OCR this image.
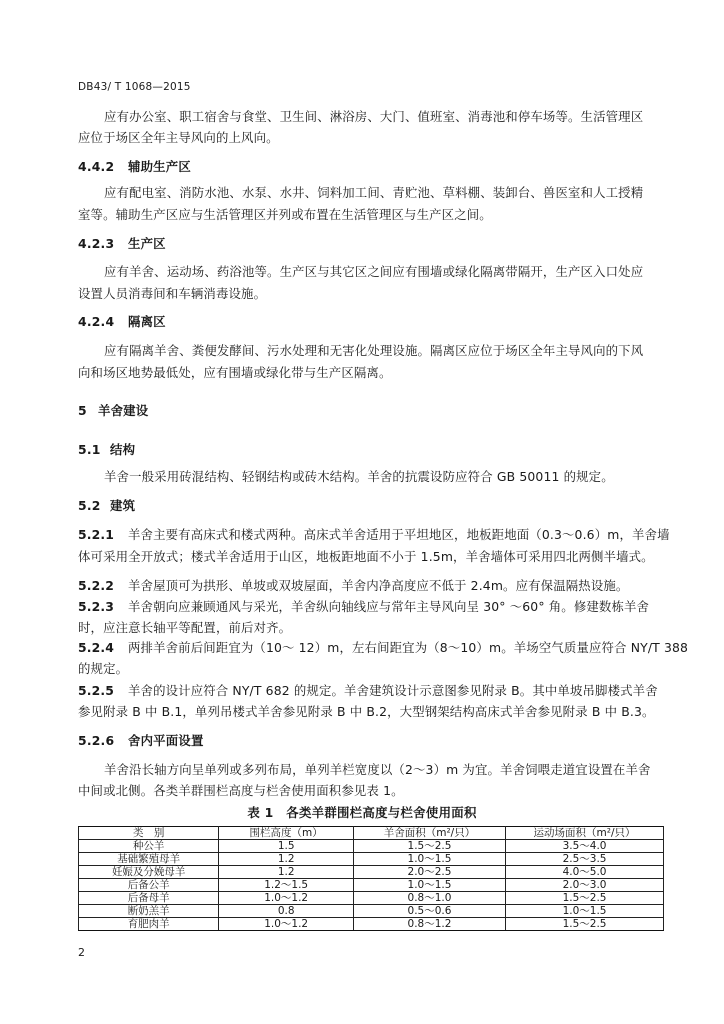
DB43/ T 1068—2015
应有办公室、职工宿舍与食堂、卫生间、淋浴房、大门、值班室、消毒池和停车场等。生活管理区
应位于场区全年主导风向的上风向。
4.4.2 辅助生产区
应有配电室、消防水池、水泵、水井、饲料加工间、青贮池、草料棚、装卸台、兽医室和人工授精
室等。辅助生产区应与生活管理区并列或布置在生活管理区与生产区之间。
4.2.3 生产区
应有羊舍、运动场、药浴池等。生产区与其它区之间应有围墙或绿化隔离带隔开，生产区入口处应
设置人员消毒间和车辆消毒设施。
4.2.4 隔离区
应有隔离羊舍、粪便发酵间、污水处理和无害化处理设施。隔离区应位于场区全年主导风向的下风
向和场区地势最低处，应有围墙或绿化带与生产区隔离。
5 羊舍建设
5.1 结构
羊舍一般采用砖混结构、轻钢结构或砖木结构。羊舍的抗震设防应符合 GB 50011 的规定。
5.2 建筑
5.2.1 羊舍主要有高床式和楼式两种。高床式羊舍适用于平坦地区，地板距地面（0.3～0.6）m，羊舍墙
体可采用全开放式；楼式羊舍适用于山区，地板距地面不小于 1.5m，羊舍墙体可采用四北两侧半墙式。
5.2.2 羊舍屋顶可为拱形、单坡或双坡屋面，羊舍内净高度应不低于 2.4m。应有保温隔热设施。
5.2.3 羊舍朝向应兼顾通风与采光，羊舍纵向轴线应与常年主导风向呈 30° ～60° 角。修建数栋羊舍
时，应注意长轴平等配置，前后对齐。
5.2.4 两排羊舍前后间距宜为（10～ 12）m，左右间距宜为（8～10）m。羊场空气质量应符合 NY/T 388
的规定。
5.2.5 羊舍的设计应符合 NY/T 682 的规定。羊舍建筑设计示意图参见附录 B。其中单坡吊脚楼式羊舍
参见附录 B 中 B.1，单列吊楼式羊舍参见附录 B 中 B.2，大型钢架结构高床式羊舍参见附录 B 中 B.3。
5.2.6 舍内平面设置
羊舍沿长轴方向呈单列或多列布局，单列羊栏宽度以（2～3）m 为宜。羊舍饲喂走道宜设置在羊舍
中间或北侧。各类羊群围栏高度与栏舍使用面积参见表 1。
表 1　各类羊群围栏高度与栏舍使用面积
类　别	围栏高度（m）	羊舍面积（m²/只）	运动场面积（m²/只）
种公羊	1.5	1.5～2.5	3.5～4.0
基础繁殖母羊	1.2	1.0～1.5	2.5～3.5
妊娠及分娩母羊	1.2	2.0～2.5	4.0～5.0
后备公羊	1.2～1.5	1.0～1.5	2.0～3.0
后备母羊	1.0～1.2	0.8～1.0	1.5～2.5
断奶羔羊	0.8	0.5～0.6	1.0～1.5
育肥肉羊	1.0～1.2	0.8～1.2	1.5～2.5
2
